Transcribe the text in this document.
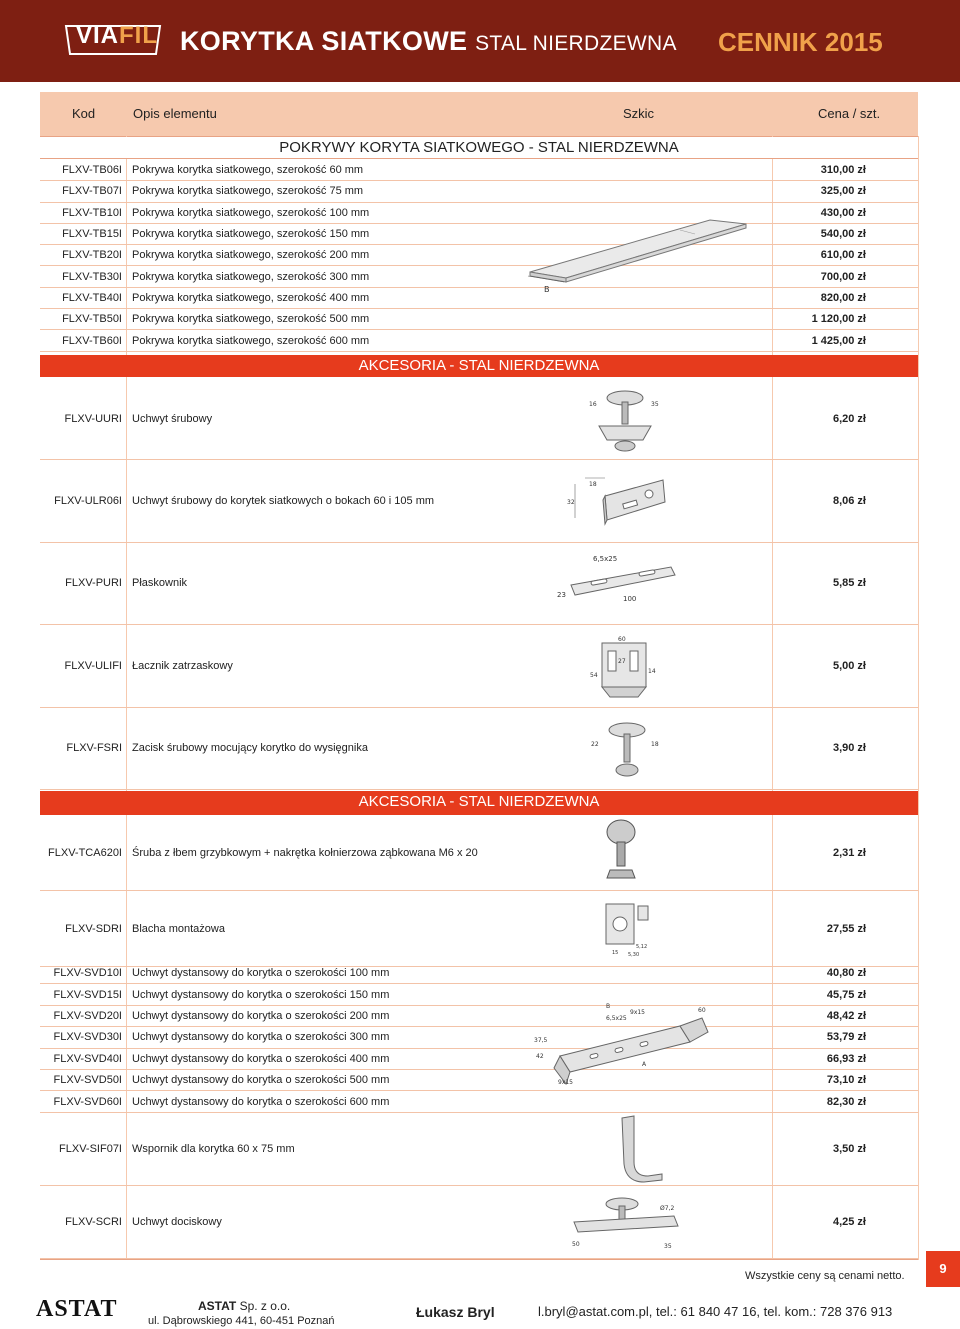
VIAFIL KORYTKA SIATKOWE STAL NIERDZEWNA CENNIK 2015
Kod	Opis elementu	Szkic	Cena / szt.
POKRYWY KORYTA SIATKOWEGO - STAL NIERDZEWNA
FLXV-TB06I Pokrywa korytka siatkowego, szerokość 60 mm	310,00 zł
FLXV-TB07I Pokrywa korytka siatkowego, szerokość 75 mm	325,00 zł
FLXV-TB10I Pokrywa korytka siatkowego, szerokość 100 mm	430,00 zł
FLXV-TB15I Pokrywa korytka siatkowego, szerokość 150 mm	540,00 zł
FLXV-TB20I Pokrywa korytka siatkowego, szerokość 200 mm	610,00 zł
FLXV-TB30I Pokrywa korytka siatkowego, szerokość 300 mm	700,00 zł
FLXV-TB40I Pokrywa korytka siatkowego, szerokość 400 mm	820,00 zł
FLXV-TB50I Pokrywa korytka siatkowego, szerokość 500 mm	1 120,00 zł
FLXV-TB60I Pokrywa korytka siatkowego, szerokość 600 mm	1 425,00 zł
B
AKCESORIA - STAL NIERDZEWNA
FLXV-UURI Uchwyt śrubowy	6,20 zł
FLXV-ULR06I Uchwyt śrubowy do korytek siatkowych o bokach 60 i 105 mm	8,06 zł
FLXV-PURI Płaskownik	5,85 zł
FLXV-ULIFI Łacznik zatrzaskowy	5,00 zł
FLXV-FSRI Zacisk śrubowy mocujący korytko do wysięgnika	3,90 zł
16	35
18
32
6,5x25
100
23
60
27
14
54
22	18
AKCESORIA - STAL NIERDZEWNA
FLXV-TCA620I Śruba z łbem grzybkowym + nakrętka kołnierzowa ząbkowana M6 x 20	2,31 zł
FLXV-SDRI Blacha montażowa	27,55 zł
15 5,30
5,12
FLXV-SVD10I Uchwyt dystansowy do korytka o szerokości 100 mm	40,80 zł
FLXV-SVD15I Uchwyt dystansowy do korytka o szerokości 150 mm	45,75 zł
FLXV-SVD20I Uchwyt dystansowy do korytka o szerokości 200 mm	48,42 zł
FLXV-SVD30I Uchwyt dystansowy do korytka o szerokości 300 mm	53,79 zł
FLXV-SVD40I Uchwyt dystansowy do korytka o szerokości 400 mm	66,93 zł
FLXV-SVD50I Uchwyt dystansowy do korytka o szerokości 500 mm	73,10 zł
FLXV-SVD60I Uchwyt dystansowy do korytka o szerokości 600 mm	82,30 zł
B
9x15
6,5x25
60
37,5
42
A
9x15
FLXV-SIF07I Wspornik dla korytka 60 x 75 mm	3,50 zł
FLXV-SCRI Uchwyt dociskowy	4,25 zł
Ø7,2
50	35
Wszystkie ceny są cenami netto.	9
ASTAT	ASTAT Sp. z o.o.
ul. Dąbrowskiego 441, 60-451 Poznań
Łukasz Bryl	l.bryl@astat.com.pl, tel.: 61 840 47 16, tel. kom.: 728 376 913
